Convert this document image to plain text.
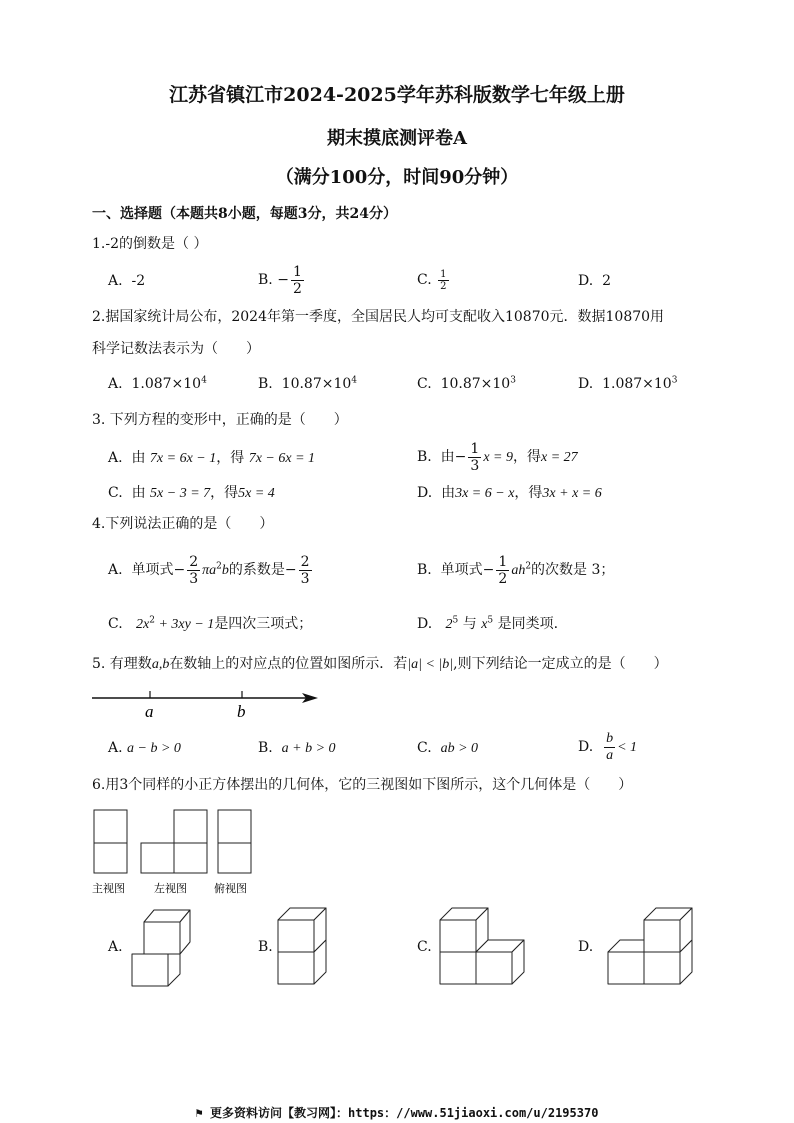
江苏省镇江市2024-2025学年苏科版数学七年级上册
期末摸底测评卷A
（满分100分，时间90分钟）
一、选择题（本题共8小题，每题3分，共24分）
1.-2的倒数是（ ）
A. -2	B. − $\frac{1}{2}$	C. $\frac{1}{2}$	D. 2
2.据国家统计局公布，2024年第一季度，全国居民人均可支配收入10870元．数据10870用
科学记数法表示为（　　）
A. $1.087\times 10^4$	B. $10.87\times 10^4$	C. $10.87\times 10^3$	D. $1.087\times 10^3$
3. 下列方程的变形中，正确的是（　　）
A. 由 7x = 6x − 1，得 7x − 6x = 1	B. 由− $\frac{1}{3}$ x = 9，得x = 27
C. 由 5x − 3 = 7，得5x = 4	D. 由3x = 6 − x，得3x + x = 6
4.下列说法正确的是（　　）
A. 单项式− $\frac{2}{3} \pi a^2b$的系数是− $\frac{2}{3}$	B. 单项式− $\frac{1}{2} ah^2$的次数是 3；
C. $2x^2 + 3xy - 1$是四次三项式；	D. $2^5$ 与 $x^5$ 是同类项.
5. 有理数a,b在数轴上的对应点的位置如图所示．若|a| < |b|,则下列结论一定成立的是（　　）
a	b
A. a − b > 0	B. a + b > 0	C. ab > 0	D. $\frac{b}{a} < 1$
6.用3个同样的小正方体摆出的几何体，它的三视图如下图所示，这个几何体是（　　）
主视图	左视图 俯视图
A.	B.	C.	D.
⚑ 更多资料访问【教习网】：https：//www.51jiaoxi.com/u/2195370
